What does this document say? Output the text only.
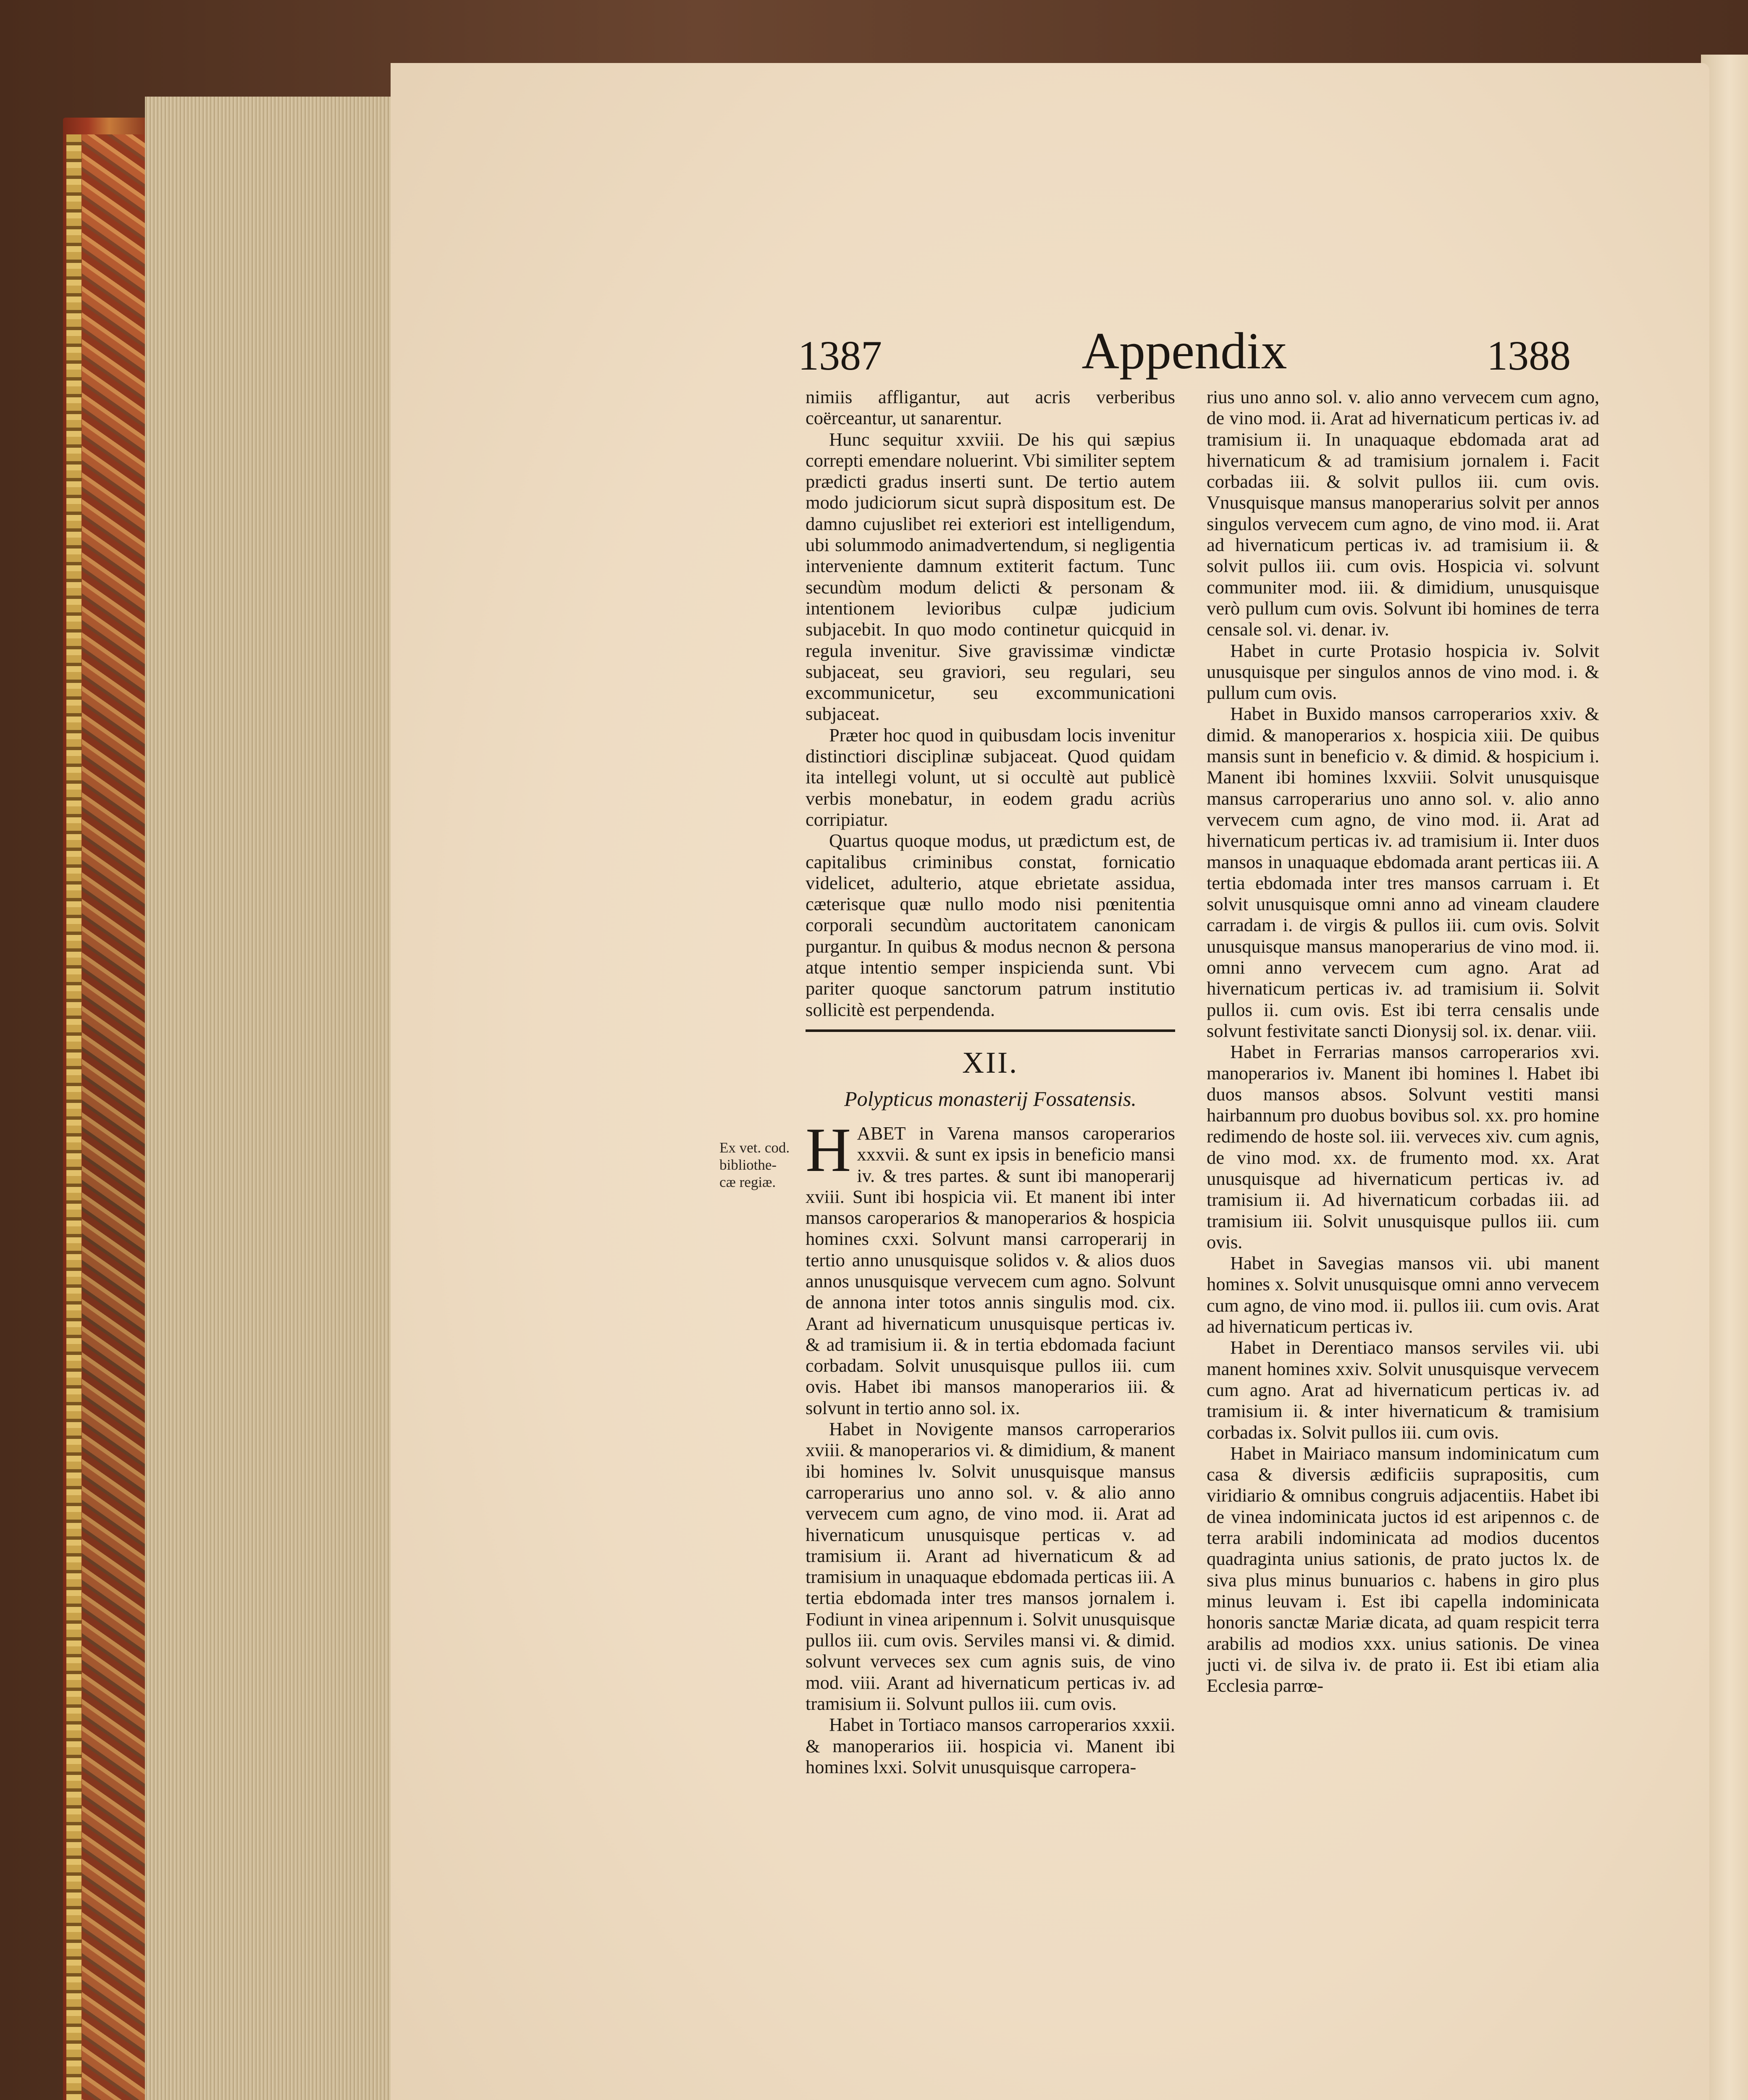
1387	Appendix	1388
Ex vet. cod.
bibliothe-
cæ regiæ.

nimiis affligantur, aut acris verberibus coërceantur, ut sanarentur.

Hunc sequitur xxviii. De his qui sæpius correpti emendare noluerint. Vbi similiter septem prædicti gradus inserti sunt. De tertio autem modo judiciorum sicut suprà dispositum est. De damno cujuslibet rei exteriori est intelligendum, ubi solummodo animadvertendum, si negligentia interveniente damnum extiterit factum. Tunc secundùm modum delicti & personam & intentionem levioribus culpæ judicium subjacebit. In quo modo continetur quicquid in regula invenitur. Sive gravissimæ vindictæ subjaceat, seu graviori, seu regulari, seu excommunicetur, seu excommunicationi subjaceat.

Præter hoc quod in quibusdam locis invenitur distinctiori disciplinæ subjaceat. Quod quidam ita intellegi volunt, ut si occultè aut publicè verbis monebatur, in eodem gradu acriùs corripiatur.

Quartus quoque modus, ut prædictum est, de capitalibus criminibus constat, fornicatio videlicet, adulterio, atque ebrietate assidua, cæterisque quæ nullo modo nisi pœnitentia corporali secundùm auctoritatem canonicam purgantur. In quibus & modus necnon & persona atque intentio semper inspicienda sunt. Vbi pariter quoque sanctorum patrum institutio sollicitè est perpendenda.

XII.
Polypticus monasterij Fossatensis.

HABET in Varena mansos caroperarios xxxvii. & sunt ex ipsis in beneficio mansi iv. & tres partes. & sunt ibi manoperarij xviii. Sunt ibi hospicia vii. Et manent ibi inter mansos caroperarios & manoperarios & hospicia homines cxxi. Solvunt mansi carroperarij in tertio anno unusquisque solidos v. & alios duos annos unusquisque vervecem cum agno. Solvunt de annona inter totos annis singulis mod. cix. Arant ad hivernaticum unusquisque perticas iv. & ad tramisium ii. & in tertia ebdomada faciunt corbadam. Solvit unusquisque pullos iii. cum ovis. Habet ibi mansos manoperarios iii. & solvunt in tertio anno sol. ix.

Habet in Novigente mansos carroperarios xviii. & manoperarios vi. & dimidium, & manent ibi homines lv. Solvit unusquisque mansus carroperarius uno anno sol. v. & alio anno vervecem cum agno, de vino mod. ii. Arat ad hivernaticum unusquisque perticas v. ad tramisium ii. Arant ad hivernaticum & ad tramisium in unaquaque ebdomada perticas iii. A tertia ebdomada inter tres mansos jornalem i. Fodiunt in vinea aripennum i. Solvit unusquisque pullos iii. cum ovis. Serviles mansi vi. & dimid. solvunt verveces sex cum agnis suis, de vino mod. viii. Arant ad hivernaticum perticas iv. ad tramisium ii. Solvunt pullos iii. cum ovis.

Habet in Tortiaco mansos carroperarios xxxii. & manoperarios iii. hospicia vi. Manent ibi homines lxxi. Solvit unusquisque carropera-

rius uno anno sol. v. alio anno vervecem cum agno, de vino mod. ii. Arat ad hivernaticum perticas iv. ad tramisium ii. In unaquaque ebdomada arat ad hivernaticum & ad tramisium jornalem i. Facit corbadas iii. & solvit pullos iii. cum ovis. Vnusquisque mansus manoperarius solvit per annos singulos vervecem cum agno, de vino mod. ii. Arat ad hivernaticum perticas iv. ad tramisium ii. & solvit pullos iii. cum ovis. Hospicia vi. solvunt communiter mod. iii. & dimidium, unusquisque verò pullum cum ovis. Solvunt ibi homines de terra censale sol. vi. denar. iv.

Habet in curte Protasio hospicia iv. Solvit unusquisque per singulos annos de vino mod. i. & pullum cum ovis.

Habet in Buxido mansos carroperarios xxiv. & dimid. & manoperarios x. hospicia xiii. De quibus mansis sunt in beneficio v. & dimid. & hospicium i. Manent ibi homines lxxviii. Solvit unusquisque mansus carroperarius uno anno sol. v. alio anno vervecem cum agno, de vino mod. ii. Arat ad hivernaticum perticas iv. ad tramisium ii. Inter duos mansos in unaquaque ebdomada arant perticas iii. A tertia ebdomada inter tres mansos carruam i. Et solvit unusquisque omni anno ad vineam claudere carradam i. de virgis & pullos iii. cum ovis. Solvit unusquisque mansus manoperarius de vino mod. ii. omni anno vervecem cum agno. Arat ad hivernaticum perticas iv. ad tramisium ii. Solvit pullos ii. cum ovis. Est ibi terra censalis unde solvunt festivitate sancti Dionysij sol. ix. denar. viii.

Habet in Ferrarias mansos carroperarios xvi. manoperarios iv. Manent ibi homines l. Habet ibi duos mansos absos. Solvunt vestiti mansi hairbannum pro duobus bovibus sol. xx. pro homine redimendo de hoste sol. iii. verveces xiv. cum agnis, de vino mod. xx. de frumento mod. xx. Arat unusquisque ad hivernaticum perticas iv. ad tramisium ii. Ad hivernaticum corbadas iii. ad tramisium iii. Solvit unusquisque pullos iii. cum ovis.

Habet in Savegias mansos vii. ubi manent homines x. Solvit unusquisque omni anno vervecem cum agno, de vino mod. ii. pullos iii. cum ovis. Arat ad hivernaticum perticas iv.

Habet in Derentiaco mansos serviles vii. ubi manent homines xxiv. Solvit unusquisque vervecem cum agno. Arat ad hivernaticum perticas iv. ad tramisium ii. & inter hivernaticum & tramisium corbadas ix. Solvit pullos iii. cum ovis.

Habet in Mairiaco mansum indominicatum cum casa & diversis ædificiis suprapositis, cum viridiario & omnibus congruis adjacentiis. Habet ibi de vinea indominicata juctos id est aripennos c. de terra arabili indominicata ad modios ducentos quadraginta unius sationis, de prato juctos lx. de siva plus minus bunuarios c. habens in giro plus minus leuvam i. Est ibi capella indominicata honoris sanctæ Mariæ dicata, ad quam respicit terra arabilis ad modios xxx. unius sationis. De vinea jucti vi. de silva iv. de prato ii. Est ibi etiam alia Ecclesia parrœ-
